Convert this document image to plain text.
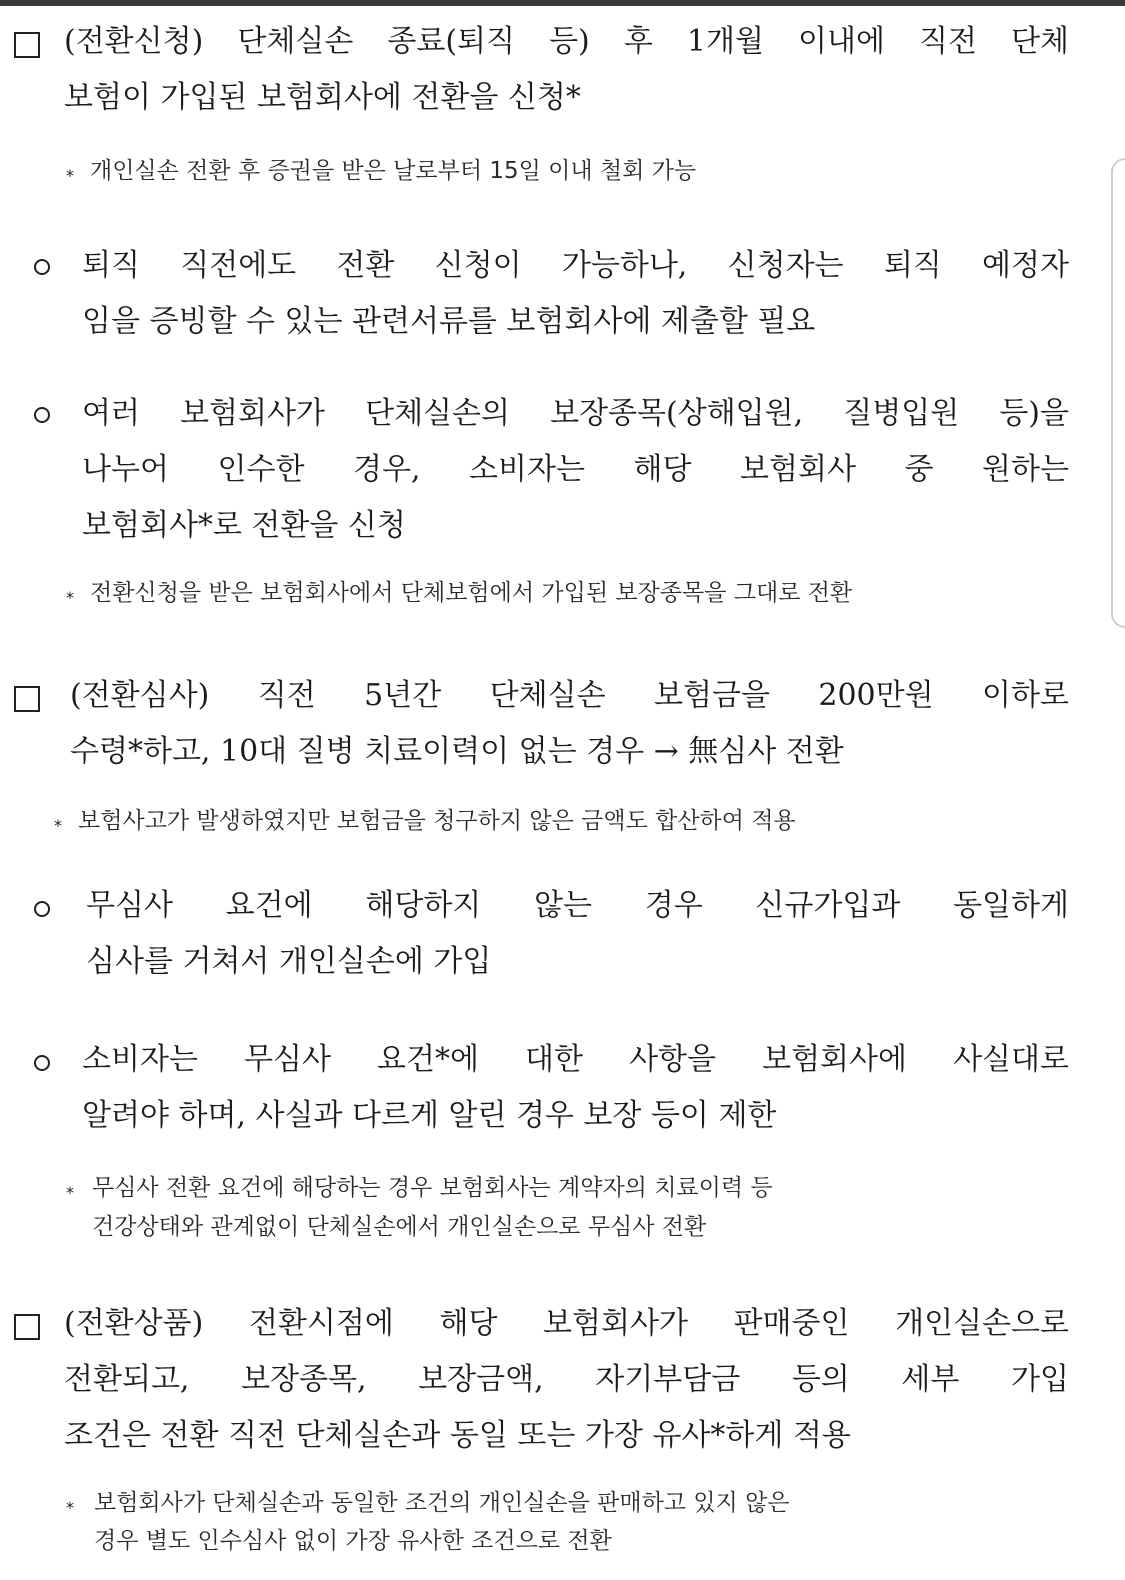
(전환신청) 단체실손 종료(퇴직 등) 후 1개월 이내에 직전 단체

보험이 가입된 보험회사에 전환을 신청*

* 개인실손 전환 후 증권을 받은 날로부터 15일 이내 철회 가능

퇴직 직전에도 전환 신청이 가능하나, 신청자는 퇴직 예정자

임을 증빙할 수 있는 관련서류를 보험회사에 제출할 필요

여러 보험회사가 단체실손의 보장종목(상해입원, 질병입원 등)을

나누어 인수한 경우, 소비자는 해당 보험회사 중 원하는

보험회사*로 전환을 신청

* 전환신청을 받은 보험회사에서 단체보험에서 가입된 보장종목을 그대로 전환

(전환심사) 직전 5년간 단체실손 보험금을 200만원 이하로

수령*하고, 10대 질병 치료이력이 없는 경우 → 無심사 전환

* 보험사고가 발생하였지만 보험금을 청구하지 않은 금액도 합산하여 적용

무심사 요건에 해당하지 않는 경우 신규가입과 동일하게

심사를 거쳐서 개인실손에 가입

소비자는 무심사 요건*에 대한 사항을 보험회사에 사실대로

알려야 하며, 사실과 다르게 알린 경우 보장 등이 제한

* 무심사 전환 요건에 해당하는 경우 보험회사는 계약자의 치료이력 등

건강상태와 관계없이 단체실손에서 개인실손으로 무심사 전환

(전환상품) 전환시점에 해당 보험회사가 판매중인 개인실손으로

전환되고, 보장종목, 보장금액, 자기부담금 등의 세부 가입

조건은 전환 직전 단체실손과 동일 또는 가장 유사*하게 적용

* 보험회사가 단체실손과 동일한 조건의 개인실손을 판매하고 있지 않은

경우 별도 인수심사 없이 가장 유사한 조건으로 전환
